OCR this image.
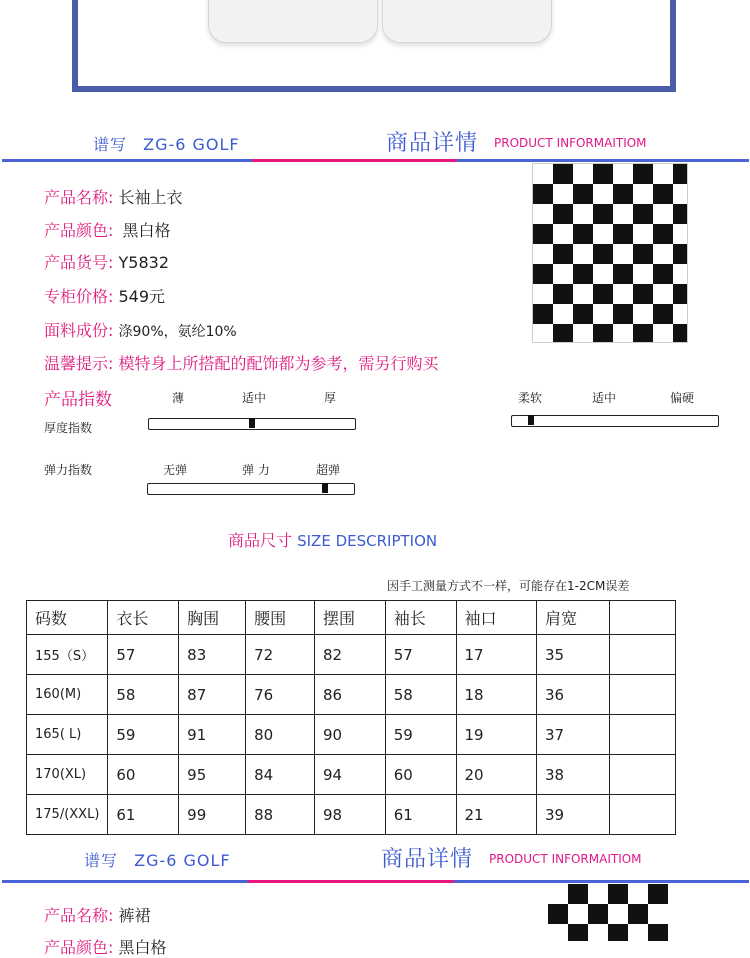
谱写 ZG-6 GOLF	商品详情 PRODUCT INFORMAITIOM
产品名称: 长袖上衣
产品颜色: 黑白格
产品货号: Y5832
专柜价格: 549元
面料成份: 涤90%，氨纶10%
温馨提示: 模特身上所搭配的配饰都为参考，需另行购买
产品指数	薄	适中	厚
厚度指数
柔软	适中	偏硬
无弹	弹 力	超弹
弹力指数
商品尺寸 SIZE DESCRIPTION
因手工测量方式不一样，可能存在1-2CM误差
码数	衣长	胸围	腰围	摆围	袖长	袖口	肩宽	
155（S）	57	83	72	82	57	17	35	
160(M)	58	87	76	86	58	18	36	
165( L)	59	91	80	90	59	19	37	
170(XL)	60	95	84	94	60	20	38	
175/(XXL)	61	99	88	98	61	21	39	
谱写 ZG-6 GOLF	商品详情 PRODUCT INFORMAITIOM
产品名称: 裤裙
产品颜色: 黑白格
